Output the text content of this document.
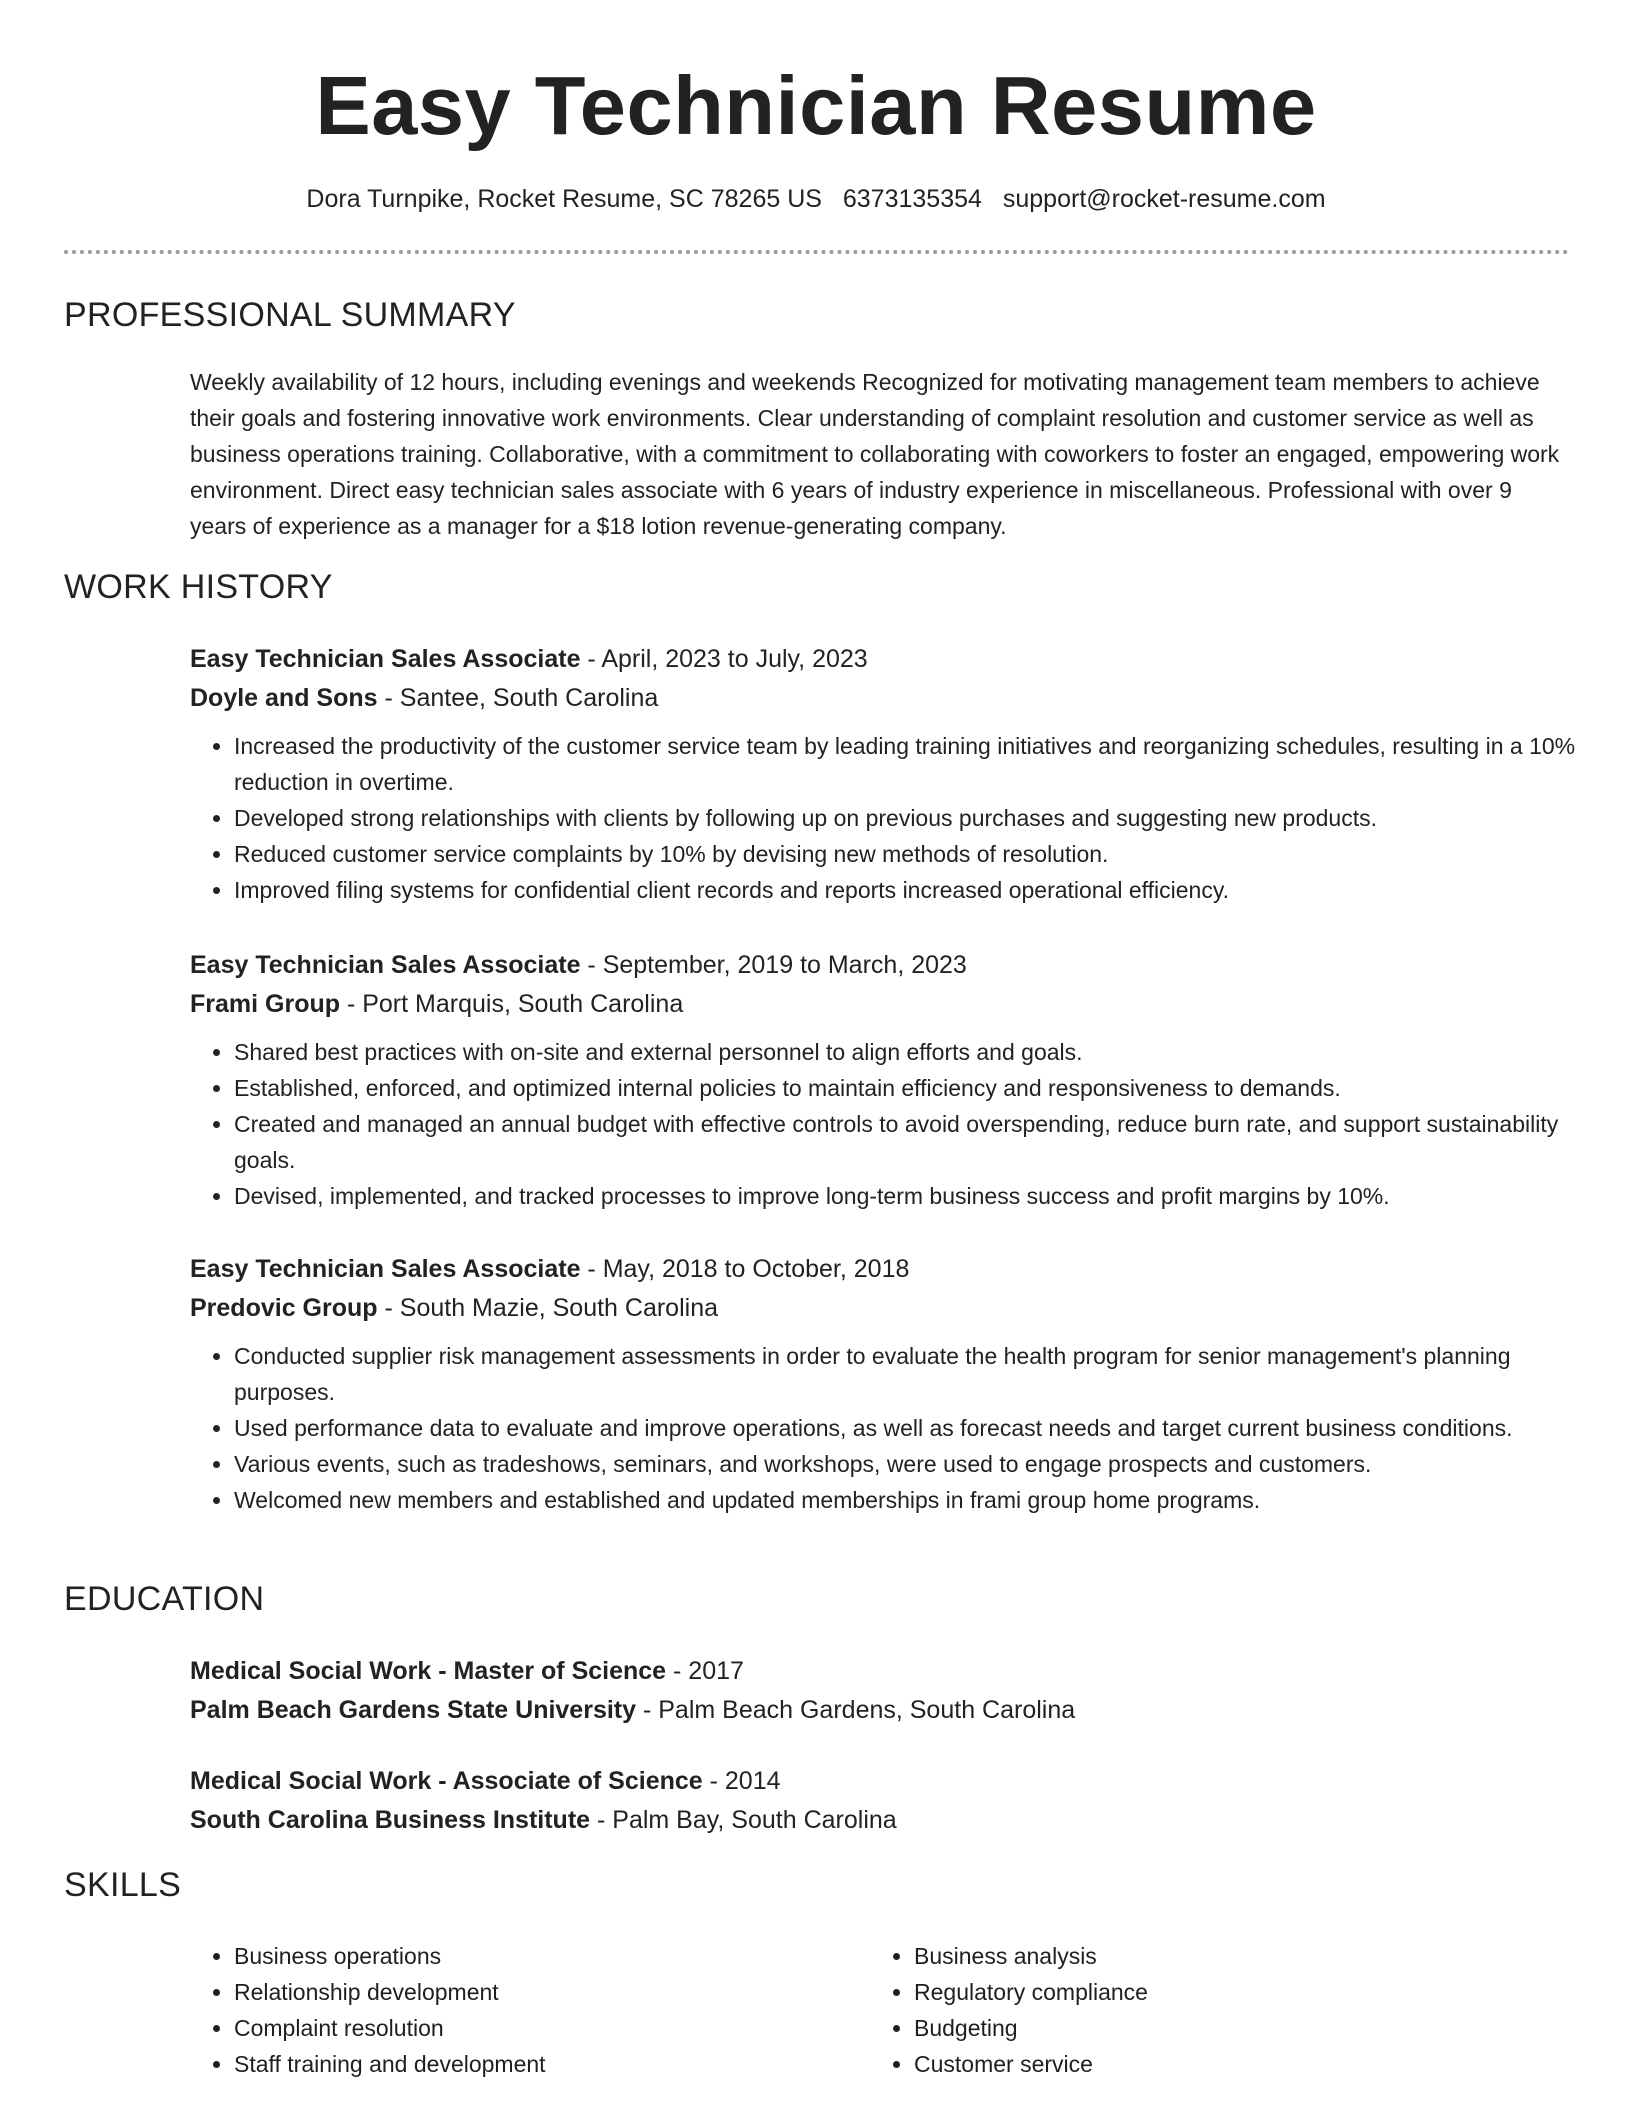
Easy Technician Resume
Dora Turnpike, Rocket Resume, SC 78265 US 6373135354 support@rocket-resume.com
PROFESSIONAL SUMMARY

Weekly availability of 12 hours, including evenings and weekends Recognized for motivating management team members to achieve their goals and fostering innovative work environments. Clear understanding of complaint resolution and customer service as well as business operations training. Collaborative, with a commitment to collaborating with coworkers to foster an engaged, empowering work environment. Direct easy technician sales associate with 6 years of industry experience in miscellaneous. Professional with over 9 years of experience as a manager for a $18 lotion revenue-generating company.

WORK HISTORY
Easy Technician Sales Associate - April, 2023 to July, 2023
Doyle and Sons - Santee, South Carolina
• Increased the productivity of the customer service team by leading training initiatives and reorganizing schedules, resulting in a 10% reduction in overtime.
• Developed strong relationships with clients by following up on previous purchases and suggesting new products.
• Reduced customer service complaints by 10% by devising new methods of resolution.
• Improved filing systems for confidential client records and reports increased operational efficiency.
Easy Technician Sales Associate - September, 2019 to March, 2023
Frami Group - Port Marquis, South Carolina
• Shared best practices with on-site and external personnel to align efforts and goals.
• Established, enforced, and optimized internal policies to maintain efficiency and responsiveness to demands.
• Created and managed an annual budget with effective controls to avoid overspending, reduce burn rate, and support sustainability goals.
• Devised, implemented, and tracked processes to improve long-term business success and profit margins by 10%.
Easy Technician Sales Associate - May, 2018 to October, 2018
Predovic Group - South Mazie, South Carolina
• Conducted supplier risk management assessments in order to evaluate the health program for senior management's planning purposes.
• Used performance data to evaluate and improve operations, as well as forecast needs and target current business conditions.
• Various events, such as tradeshows, seminars, and workshops, were used to engage prospects and customers.
• Welcomed new members and established and updated memberships in frami group home programs.
EDUCATION
Medical Social Work - Master of Science - 2017
Palm Beach Gardens State University - Palm Beach Gardens, South Carolina
Medical Social Work - Associate of Science - 2014
South Carolina Business Institute - Palm Bay, South Carolina
SKILLS
• Business operations
• Relationship development
• Complaint resolution
• Staff training and development
• Business analysis
• Regulatory compliance
• Budgeting
• Customer service
